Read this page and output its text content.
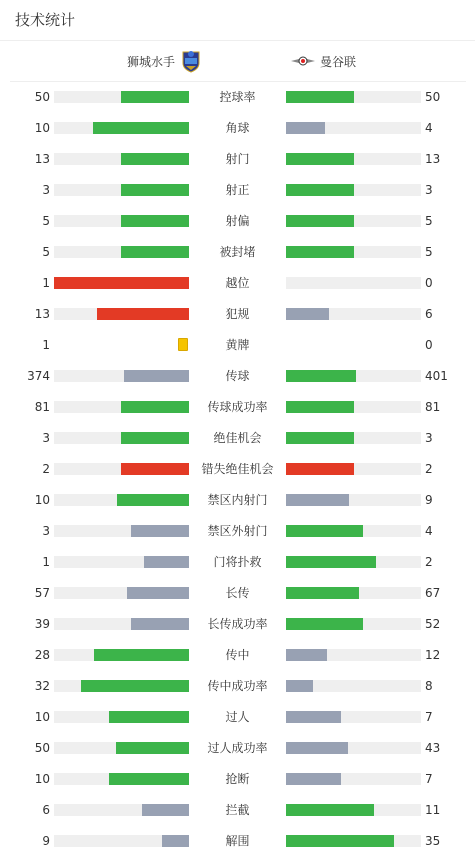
技术统计
狮城水手	曼谷联
50	控球率	50
10	角球	4
13	射门	13
3	射正	3
5	射偏	5
5	被封堵	5
1	越位	0
13	犯规	6
1	黄牌	0
374	传球	401
81	传球成功率	81
3	绝佳机会	3
2	错失绝佳机会	2
10	禁区内射门	9
3	禁区外射门	4
1	门将扑救	2
57	长传	67
39	长传成功率	52
28	传中	12
32	传中成功率	8
10	过人	7
50	过人成功率	43
10	抢断	7
6	拦截	11
9	解围	35
